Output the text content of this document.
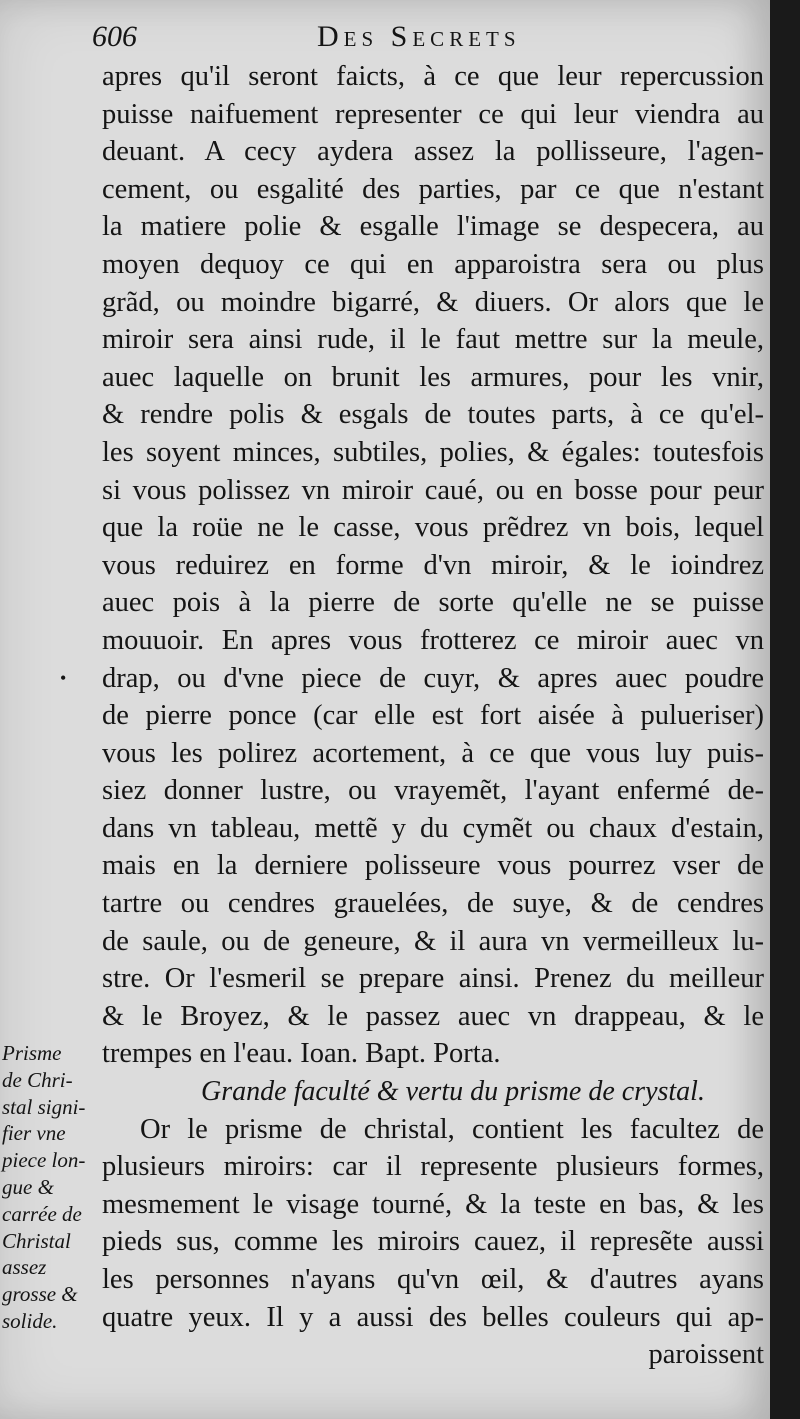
606	Des Secrets
•
apres qu'il seront faicts, à ce que leur repercussion
puisse naifuement representer ce qui leur viendra au
deuant. A cecy aydera assez la pollisseure, l'agen-
cement, ou esgalité des parties, par ce que n'estant
la matiere polie & esgalle l'image se despecera, au
moyen dequoy ce qui en apparoistra sera ou plus
grãd, ou moindre bigarré, & diuers. Or alors que le
miroir sera ainsi rude, il le faut mettre sur la meule,
auec laquelle on brunit les armures, pour les vnir,
& rendre polis & esgals de toutes parts, à ce qu'el-
les soyent minces, subtiles, polies, & égales: toutesfois
si vous polissez vn miroir caué, ou en bosse pour peur
que la roüe ne le casse, vous prẽdrez vn bois, lequel
vous reduirez en forme d'vn miroir, & le ioindrez
auec pois à la pierre de sorte qu'elle ne se puisse
mouuoir. En apres vous frotterez ce miroir auec vn
drap, ou d'vne piece de cuyr, & apres auec poudre
de pierre ponce (car elle est fort aisée à pulueriser)
vous les polirez acortement, à ce que vous luy puis-
siez donner lustre, ou vrayemẽt, l'ayant enfermé de-
dans vn tableau, mettẽ y du cymẽt ou chaux d'estain,
mais en la derniere polisseure vous pourrez vser de
tartre ou cendres grauelées, de suye, & de cendres
de saule, ou de geneure, & il aura vn vermeilleux lu-
stre. Or l'esmeril se prepare ainsi. Prenez du meilleur
& le Broyez, & le passez auec vn drappeau, & le
trempes en l'eau. Ioan. Bapt. Porta.
Grande faculté & vertu du prisme de crystal.
Or le prisme de christal, contient les facultez de
plusieurs miroirs: car il represente plusieurs formes,
mesmement le visage tourné, & la teste en bas, & les
pieds sus, comme les miroirs cauez, il represẽte aussi
les personnes n'ayans qu'vn œil, & d'autres ayans
quatre yeux. Il y a aussi des belles couleurs qui ap-
paroissent
Prisme
de Chri-
stal signi-
fier vne
piece lon-
gue &
carrée de
Christal
assez
grosse &
solide.
